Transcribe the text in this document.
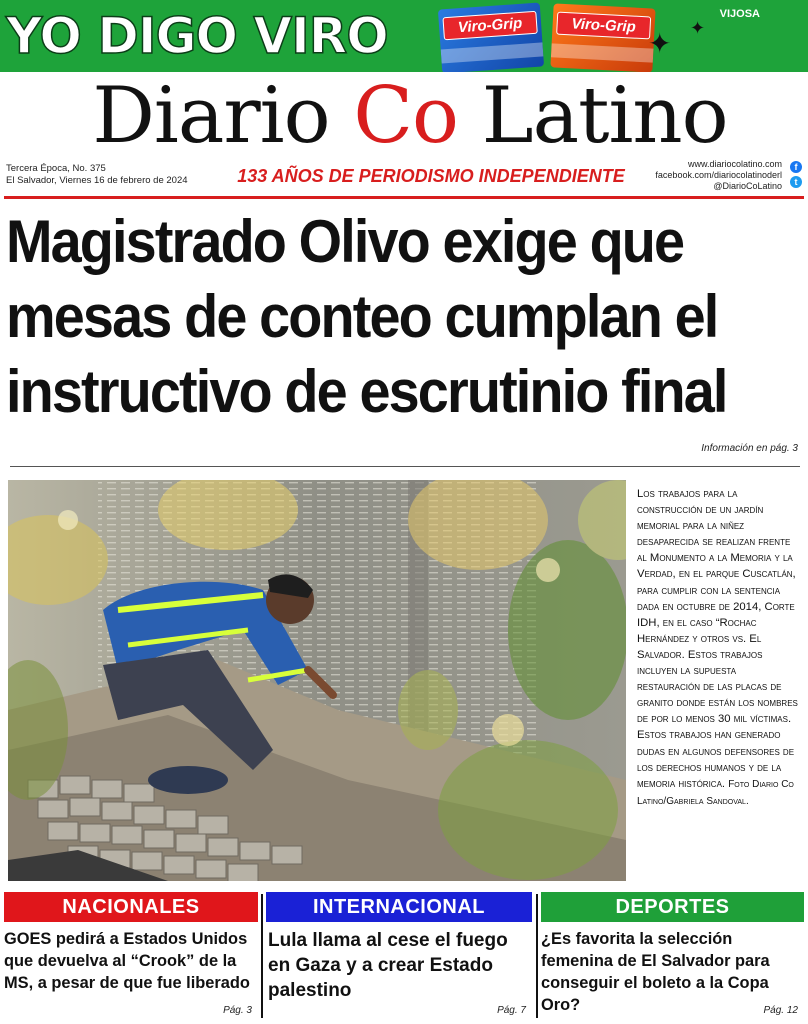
YO DIGO VIRO	Viro-Grip	Viro-Grip
✦ ✦
VIJOSA
Diario Co Latino
Tercera Época, No. 375
El Salvador, Viernes 16 de febrero de 2024	133 AÑOS DE PERIODISMO INDEPENDIENTE
www.diariocolatino.com
facebook.com/diariocolatinoderl
@DiarioCoLatino
f
t
Magistrado Olivo exige que
mesas de conteo cumplan el
instructivo de escrutinio final
Información en pág. 3
Los trabajos para la construcción de un jardín memorial para la niñez desaparecida se realizan frente al Monumento a la Memoria y la Verdad, en el parque Cuscatlán, para cumplir con la sentencia dada en octubre de 2014, Corte IDH, en el caso “Rochac Hernández y otros vs. El Salvador. Estos trabajos incluyen la supuesta restauración de las placas de granito donde están los nombres de por lo menos 30 mil víctimas. Estos trabajos han generado dudas en algunos defensores de los derechos humanos y de la memoria histórica. Foto Diario Co Latino/Gabriela Sandoval.
NACIONALES
GOES pedirá a Estados Unidos que devuelva al “Crook” de la MS, a pesar de que fue liberado
Pág. 3
INTERNACIONAL
Lula llama al cese el fuego en Gaza y a crear Estado palestino
Pág. 7
DEPORTES
¿Es favorita la selección femenina de El Salvador para conseguir el boleto a la Copa Oro?	Pág. 12
